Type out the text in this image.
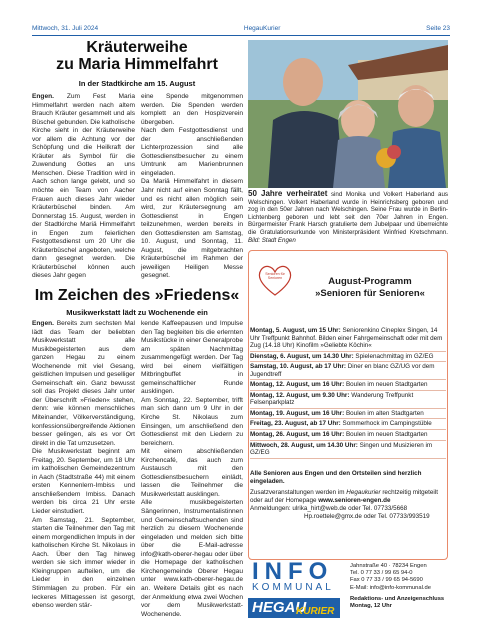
Mittwoch, 31. Juli 2024	HegauKurier	Seite 23
Kräuterweihe
zu Maria Himmelfahrt
In der Stadtkirche am 15. August
Engen. Zum Fest Maria Himmelfahrt werden nach altem Brauch Kräuter gesammelt und als Büschel gebunden. Die katholische Kirche sieht in der Kräuterweihe vor allem die Achtung vor der Schöpfung und die Heilkraft der Kräuter als Symbol für die Zuwendung Gottes an uns Menschen. Diese Tradition wird in Aach schon lange gelebt, und so möchte ein Team von Aacher Frauen auch dieses Jahr wieder Kräuterbüschel binden. Am Donnerstag 15. August, werden in der Stadtkirche Mariä Himmelfahrt in Engen zum feierlichen Festgottesdienst um 20 Uhr die Kräuterbüschel angeboten, welche dann gesegnet werden. Die Kräuterbüschel können auch dieses Jahr gegen
eine Spende mitgenommen werden. Die Spenden werden komplett an den Hospizverein übergeben.
Nach dem Festgottesdienst und der anschließenden Lichterprozession sind alle Gottesdienstbesucher zu einem Umtrunk am Marienbrunnen eingeladen.
Da Mariä Himmelfahrt in diesem Jahr nicht auf einen Sonntag fällt, und es nicht allen möglich sein wird, zur Kräutersegnung am Gottesdienst in Engen teilzunehmen, werden bereits in den Gottesdiensten am Samstag, 10. August, und Sonntag, 11. August, die mitgebrachten Kräuterbüschel im Rahmen der jeweiligen Heiligen Messe gesegnet.
Im Zeichen des »Friedens«
Musikwerkstatt lädt zu Wochenende ein
Engen. Bereits zum sechsten Mal lädt das Team der beliebten Musikwerkstatt alle Musikbegeisterten aus dem ganzen Hegau zu einem Wochenende mit viel Gesang, geistlichen Impulsen und geselliger Gemeinschaft ein. Ganz bewusst soll das Projekt dieses Jahr unter der Überschrift »Frieden« stehen, denn: wie können menschliches Miteinander, Völkerverständigung, konfessionsübergreifende Aktionen besser gelingen, als es vor Ort direkt in die Tat umzusetzen.
Die Musikwerkstatt beginnt am Freitag, 20. September, um 18 Uhr im katholischen Gemeindezentrum in Aach (Stadtstraße 44) mit einem ersten Kennenlern-Imbiss und anschließendem Imbiss. Danach werden bis circa 21 Uhr erste Lieder einstudiert.
Am Samstag, 21. September, starten die Teilnehmer den Tag mit einem morgendlichen Impuls in der katholischen Kirche St. Nikolaus in Aach. Über den Tag hinweg werden sie sich immer wieder in Kleingruppen aufteilen, um die Lieder in den einzelnen Stimmlagen zu proben. Für ein leckeres Mittagessen ist gesorgt, ebenso werden stär-
kende Kaffeepausen und Impulse den Tag begleiten bis die erlernten Musikstücke in einer Generalprobe am späten Nachmittag zusammengefügt werden. Der Tag wird bei einem vielfältigen Mitbringbuffet in gemeinschaftlicher Runde ausklingen.
Am Sonntag, 22. September, trifft man sich dann um 9 Uhr in der Kirche St. Nikolaus zum Einsingen, um anschließend den Gottesdienst mit den Liedern zu bereichern.
Mit einem abschließenden Kirchencafé, das auch zum Austausch mit den Gottesdienstbesuchern einlädt, lassen die Teilnehmer die Musikwerkstatt ausklingen.
Alle musikbegeisterten Sängerinnen, Instrumentalistinnen und Gemeinschaftsuchenden sind herzlich zu diesem Wochenende eingeladen und melden sich bitte über die E-Mail-adresse info@kath-oberer-hegau oder über die Homepage der katholischen Kirchengemeinde Oberer Hegau unter www.kath-oberer-hegau.de an. Weitere Details gibt es nach der Anmeldung etwa zwei Wochen vor dem Musikwerkstatt-Wochenende.
50 Jahre verheiratet sind Monika und Volkert Haberland aus Welschingen. Volkert Haberland wurde in Heinrichsberg geboren und zog in den 50er Jahren nach Welschingen. Seine Frau wurde in Berlin-Lichtenberg geboren und lebt seit den 70er Jahren in Engen. Bürgermeister Frank Harsch gratulierte dem Jubelpaar und überreichte die Gratulationsurkunde von Ministerpräsident Winfried Kretschmann. Bild: Stadt Engen
Senioren für Senioren	August-Programm
»Senioren für Senioren«
Montag, 5. August, um 15 Uhr: Seniorenkino Cineplex Singen, 14 Uhr Treffpunkt Bahnhof. Bilden einer Fahrgemeinschaft oder mit dem Zug (14.18 Uhr) Kinofilm »Geliebte Köchin«
Dienstag, 6. August, um 14.30 Uhr: Spielenachmittag im GZ/EG
Samstag, 10. August, ab 17 Uhr: Diner en blanc GZ/UG vor dem Jugendtreff
Montag, 12. August, um 16 Uhr: Boulen im neuen Stadtgarten
Montag, 12. August, um 9.30 Uhr: Wanderung Treffpunkt Felsenparkplatz
Montag, 19. August, um 16 Uhr: Boulen im alten Stadtgarten
Freitag, 23. August, ab 17 Uhr: Sommerhock im Campingstüble
Montag, 26. August, um 16 Uhr: Boulen im neuen Stadtgarten
Mittwoch, 28. August, um 14.30 Uhr: Singen und Musizieren im GZ/EG
Alle Senioren aus Engen und den Ortsteilen sind herzlich eingeladen.
Zusatzveranstaltungen werden im Hegaukurier rechtzeitig mitgeteilt oder auf der Homepage www.senioren-engen.de
Anmeldungen: ulrika_hirt@web.de oder Tel. 07733/5668
Hp.roettele@gmx.de oder Tel. 07733/993519
INFO
KOMMUNAL
HEGAU
KURIER
Jahnstraße 40 · 78234 Engen
Tel. 0 77 33 / 99 65 94-0
Fax 0 77 33 / 99 65 94-5690
E-Mail: info@info-kommunal.de
Redaktions- und Anzeigenschluss
Montag, 12 Uhr
